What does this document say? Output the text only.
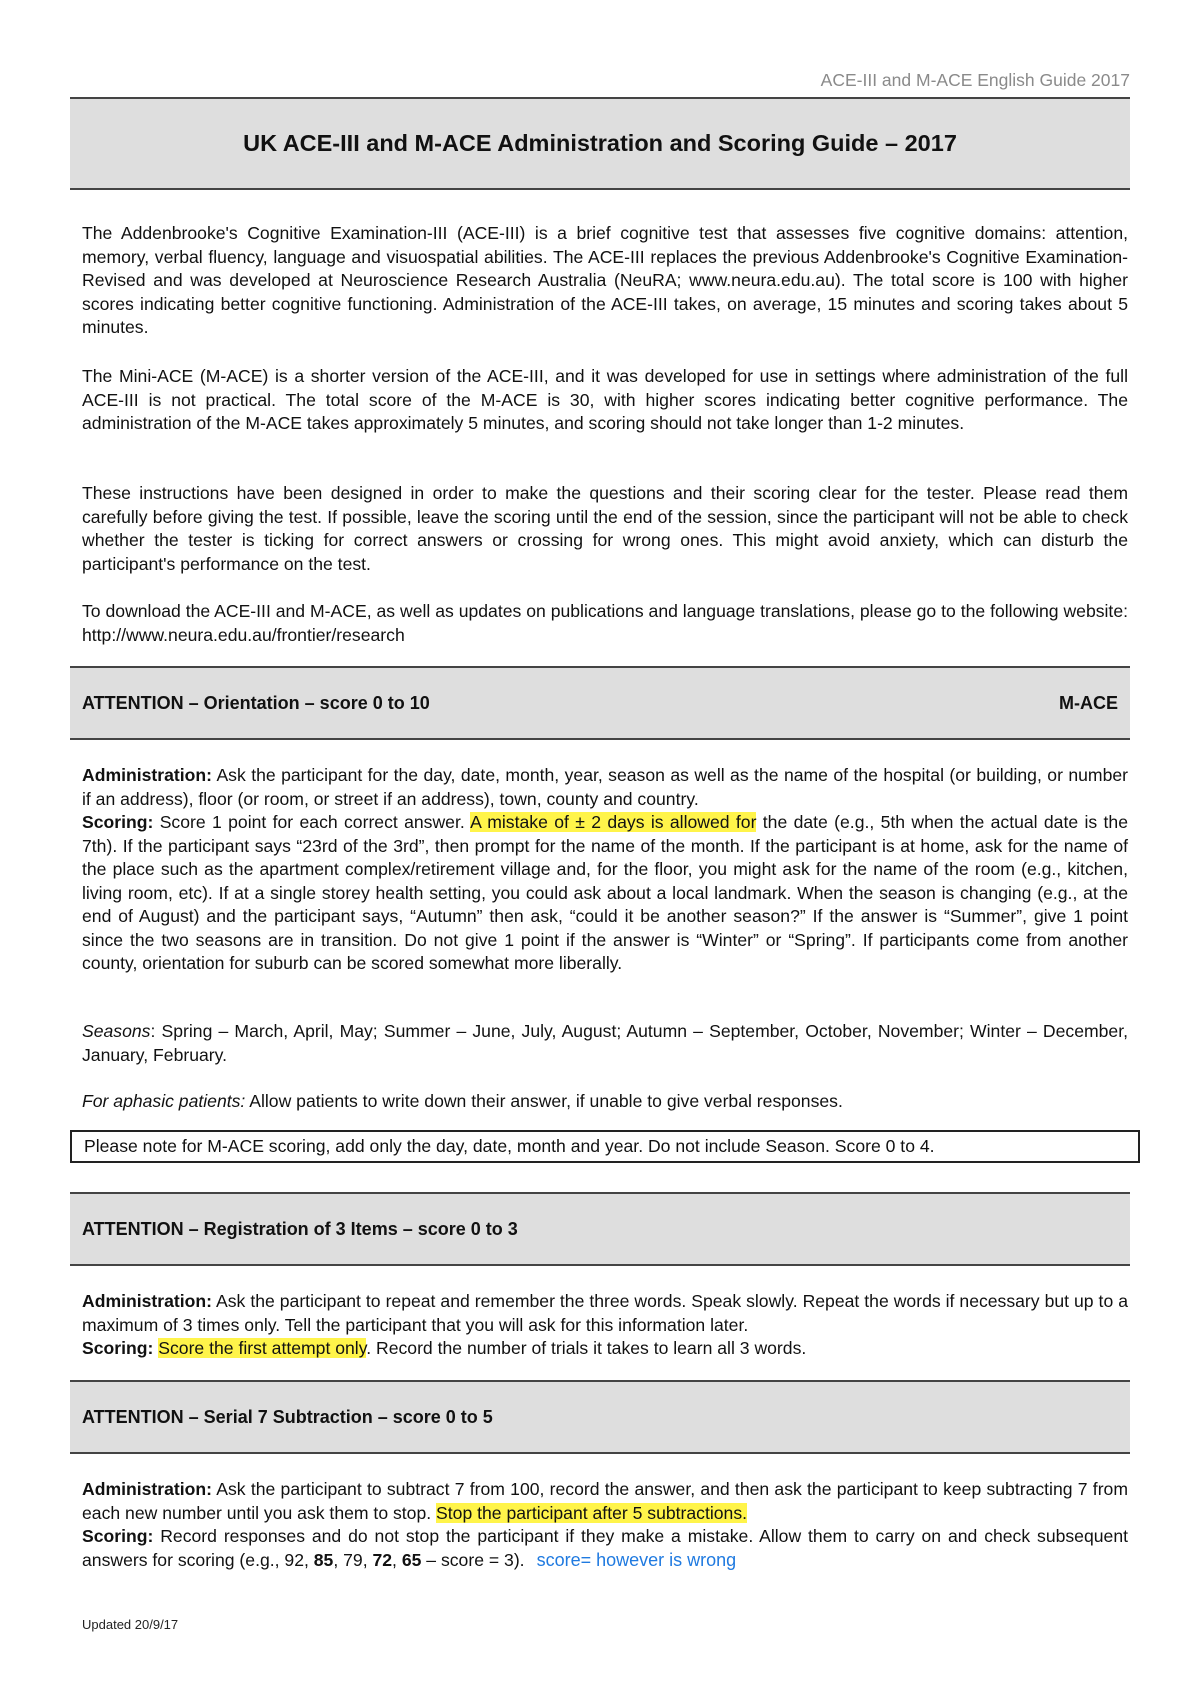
ACE-III and M-ACE English Guide 2017
UK ACE-III and M-ACE Administration and Scoring Guide – 2017

The Addenbrooke's Cognitive Examination-III (ACE-III) is a brief cognitive test that assesses five cognitive domains: attention, memory, verbal fluency, language and visuospatial abilities. The ACE-III replaces the previous Addenbrooke's Cognitive Examination-Revised and was developed at Neuroscience Research Australia (NeuRA; www.neura.edu.au). The total score is 100 with higher scores indicating better cognitive functioning. Administration of the ACE-III takes, on average, 15 minutes and scoring takes about 5 minutes.

The Mini-ACE (M-ACE) is a shorter version of the ACE-III, and it was developed for use in settings where administration of the full ACE-III is not practical. The total score of the M-ACE is 30, with higher scores indicating better cognitive performance. The administration of the M-ACE takes approximately 5 minutes, and scoring should not take longer than 1-2 minutes.

These instructions have been designed in order to make the questions and their scoring clear for the tester. Please read them carefully before giving the test. If possible, leave the scoring until the end of the session, since the participant will not be able to check whether the tester is ticking for correct answers or crossing for wrong ones. This might avoid anxiety, which can disturb the participant's performance on the test.

To download the ACE-III and M-ACE, as well as updates on publications and language translations, please go to the following website: http://www.neura.edu.au/frontier/research

ATTENTION – Orientation – score 0 to 10	M-ACE

Administration: Ask the participant for the day, date, month, year, season as well as the name of the hospital (or building, or number if an address), floor (or room, or street if an address), town, county and country.
Scoring: Score 1 point for each correct answer. A mistake of ± 2 days is allowed for the date (e.g., 5th when the actual date is the 7th). If the participant says “23rd of the 3rd”, then prompt for the name of the month. If the participant is at home, ask for the name of the place such as the apartment complex/retirement village and, for the floor, you might ask for the name of the room (e.g., kitchen, living room, etc). If at a single storey health setting, you could ask about a local landmark. When the season is changing (e.g., at the end of August) and the participant says, “Autumn” then ask, “could it be another season?” If the answer is “Summer”, give 1 point since the two seasons are in transition. Do not give 1 point if the answer is “Winter” or “Spring”. If participants come from another county, orientation for suburb can be scored somewhat more liberally.

Seasons: Spring – March, April, May; Summer – June, July, August; Autumn – September, October, November; Winter – December, January, February.

For aphasic patients: Allow patients to write down their answer, if unable to give verbal responses.

Please note for M-ACE scoring, add only the day, date, month and year. Do not include Season. Score 0 to 4.
ATTENTION – Registration of 3 Items – score 0 to 3

Administration: Ask the participant to repeat and remember the three words. Speak slowly. Repeat the words if necessary but up to a maximum of 3 times only. Tell the participant that you will ask for this information later.
Scoring: Score the first attempt only. Record the number of trials it takes to learn all 3 words.

ATTENTION – Serial 7 Subtraction – score 0 to 5

Administration: Ask the participant to subtract 7 from 100, record the answer, and then ask the participant to keep subtracting 7 from each new number until you ask them to stop. Stop the participant after 5 subtractions.
Scoring: Record responses and do not stop the participant if they make a mistake. Allow them to carry on and check subsequent answers for scoring (e.g., 92, 85, 79, 72, 65 – score = 3). score= however is wrong

Updated 20/9/17
